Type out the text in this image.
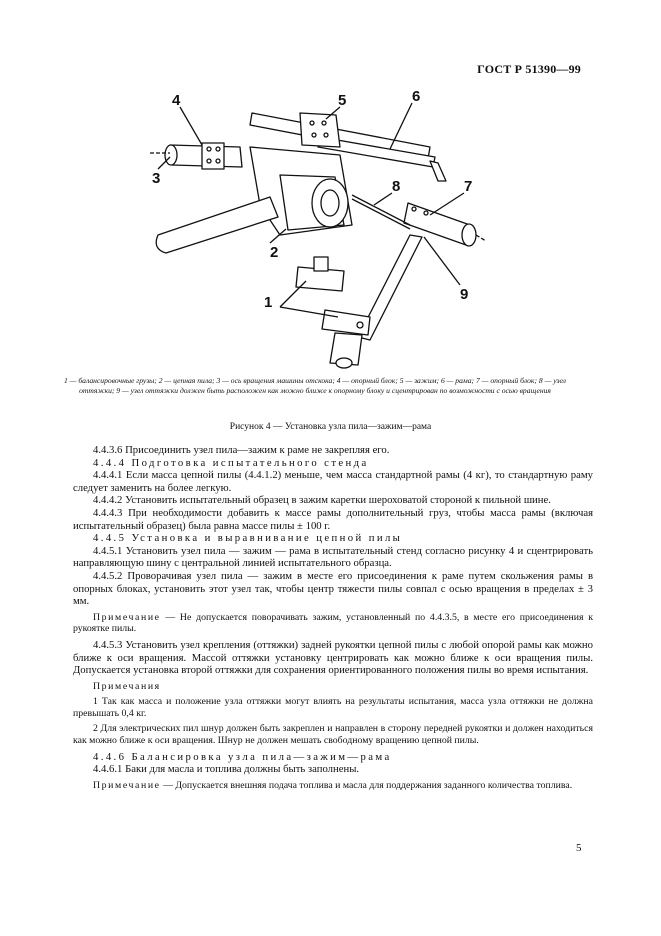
ГОСТ Р 51390—99
4	5	6
3	8	7
2
9
1
1 — балансировочные грузы; 2 — цепная пила; 3 — ось вращения машины отскока; 4 — опорный блок; 5 — зажим; 6 — рама; 7 — опорный блок; 8 — узел оттяжки; 9 — узел оттяжки должен быть расположен как можно ближе к опорному блоку и сцентрирован по возможности с осью вращения
Рисунок 4 — Установка узла пила—зажим—рама

4.4.3.6 Присоединить узел пила—зажим к раме не закрепляя его.

4.4.4 Подготовка испытательного стенда

4.4.4.1 Если масса цепной пилы (4.4.1.2) меньше, чем масса стандартной рамы (4 кг), то стандартную раму следует заменить на более легкую.

4.4.4.2 Установить испытательный образец в зажим каретки шероховатой стороной к пильной шине.

4.4.4.3 При необходимости добавить к массе рамы дополнительный груз, чтобы масса рамы (включая испытательный образец) была равна массе пилы ± 100 г.

4.4.5 Установка и выравнивание цепной пилы

4.4.5.1 Установить узел пила — зажим — рама в испытательный стенд согласно рисунку 4 и сцентрировать направляющую шину с центральной линией испытательного образца.

4.4.5.2 Проворачивая узел пила — зажим в месте его присоединения к раме путем скольжения рамы в опорных блоках, установить этот узел так, чтобы центр тяжести пилы совпал с осью вращения в пределах ± 3 мм.

Примечание — Не допускается поворачивать зажим, установленный по 4.4.3.5, в месте его присоединения к рукоятке пилы.

4.4.5.3 Установить узел крепления (оттяжки) задней рукоятки цепной пилы с любой опорой рамы как можно ближе к оси вращения. Массой оттяжки установку центрировать как можно ближе к оси вращения пилы. Допускается установка второй оттяжки для сохранения ориентированного положения пилы во время испытания.

Примечания

1 Так как масса и положение узла оттяжки могут влиять на результаты испытания, масса узла оттяжки не должна превышать 0,4 кг.

2 Для электрических пил шнур должен быть закреплен и направлен в сторону передней рукоятки и должен находиться как можно ближе к оси вращения. Шнур не должен мешать свободному вращению цепной пилы.

4.4.6 Балансировка узла пила—зажим—рама

4.4.6.1 Баки для масла и топлива должны быть заполнены.

Примечание — Допускается внешняя подача топлива и масла для поддержания заданного количества топлива.

5
